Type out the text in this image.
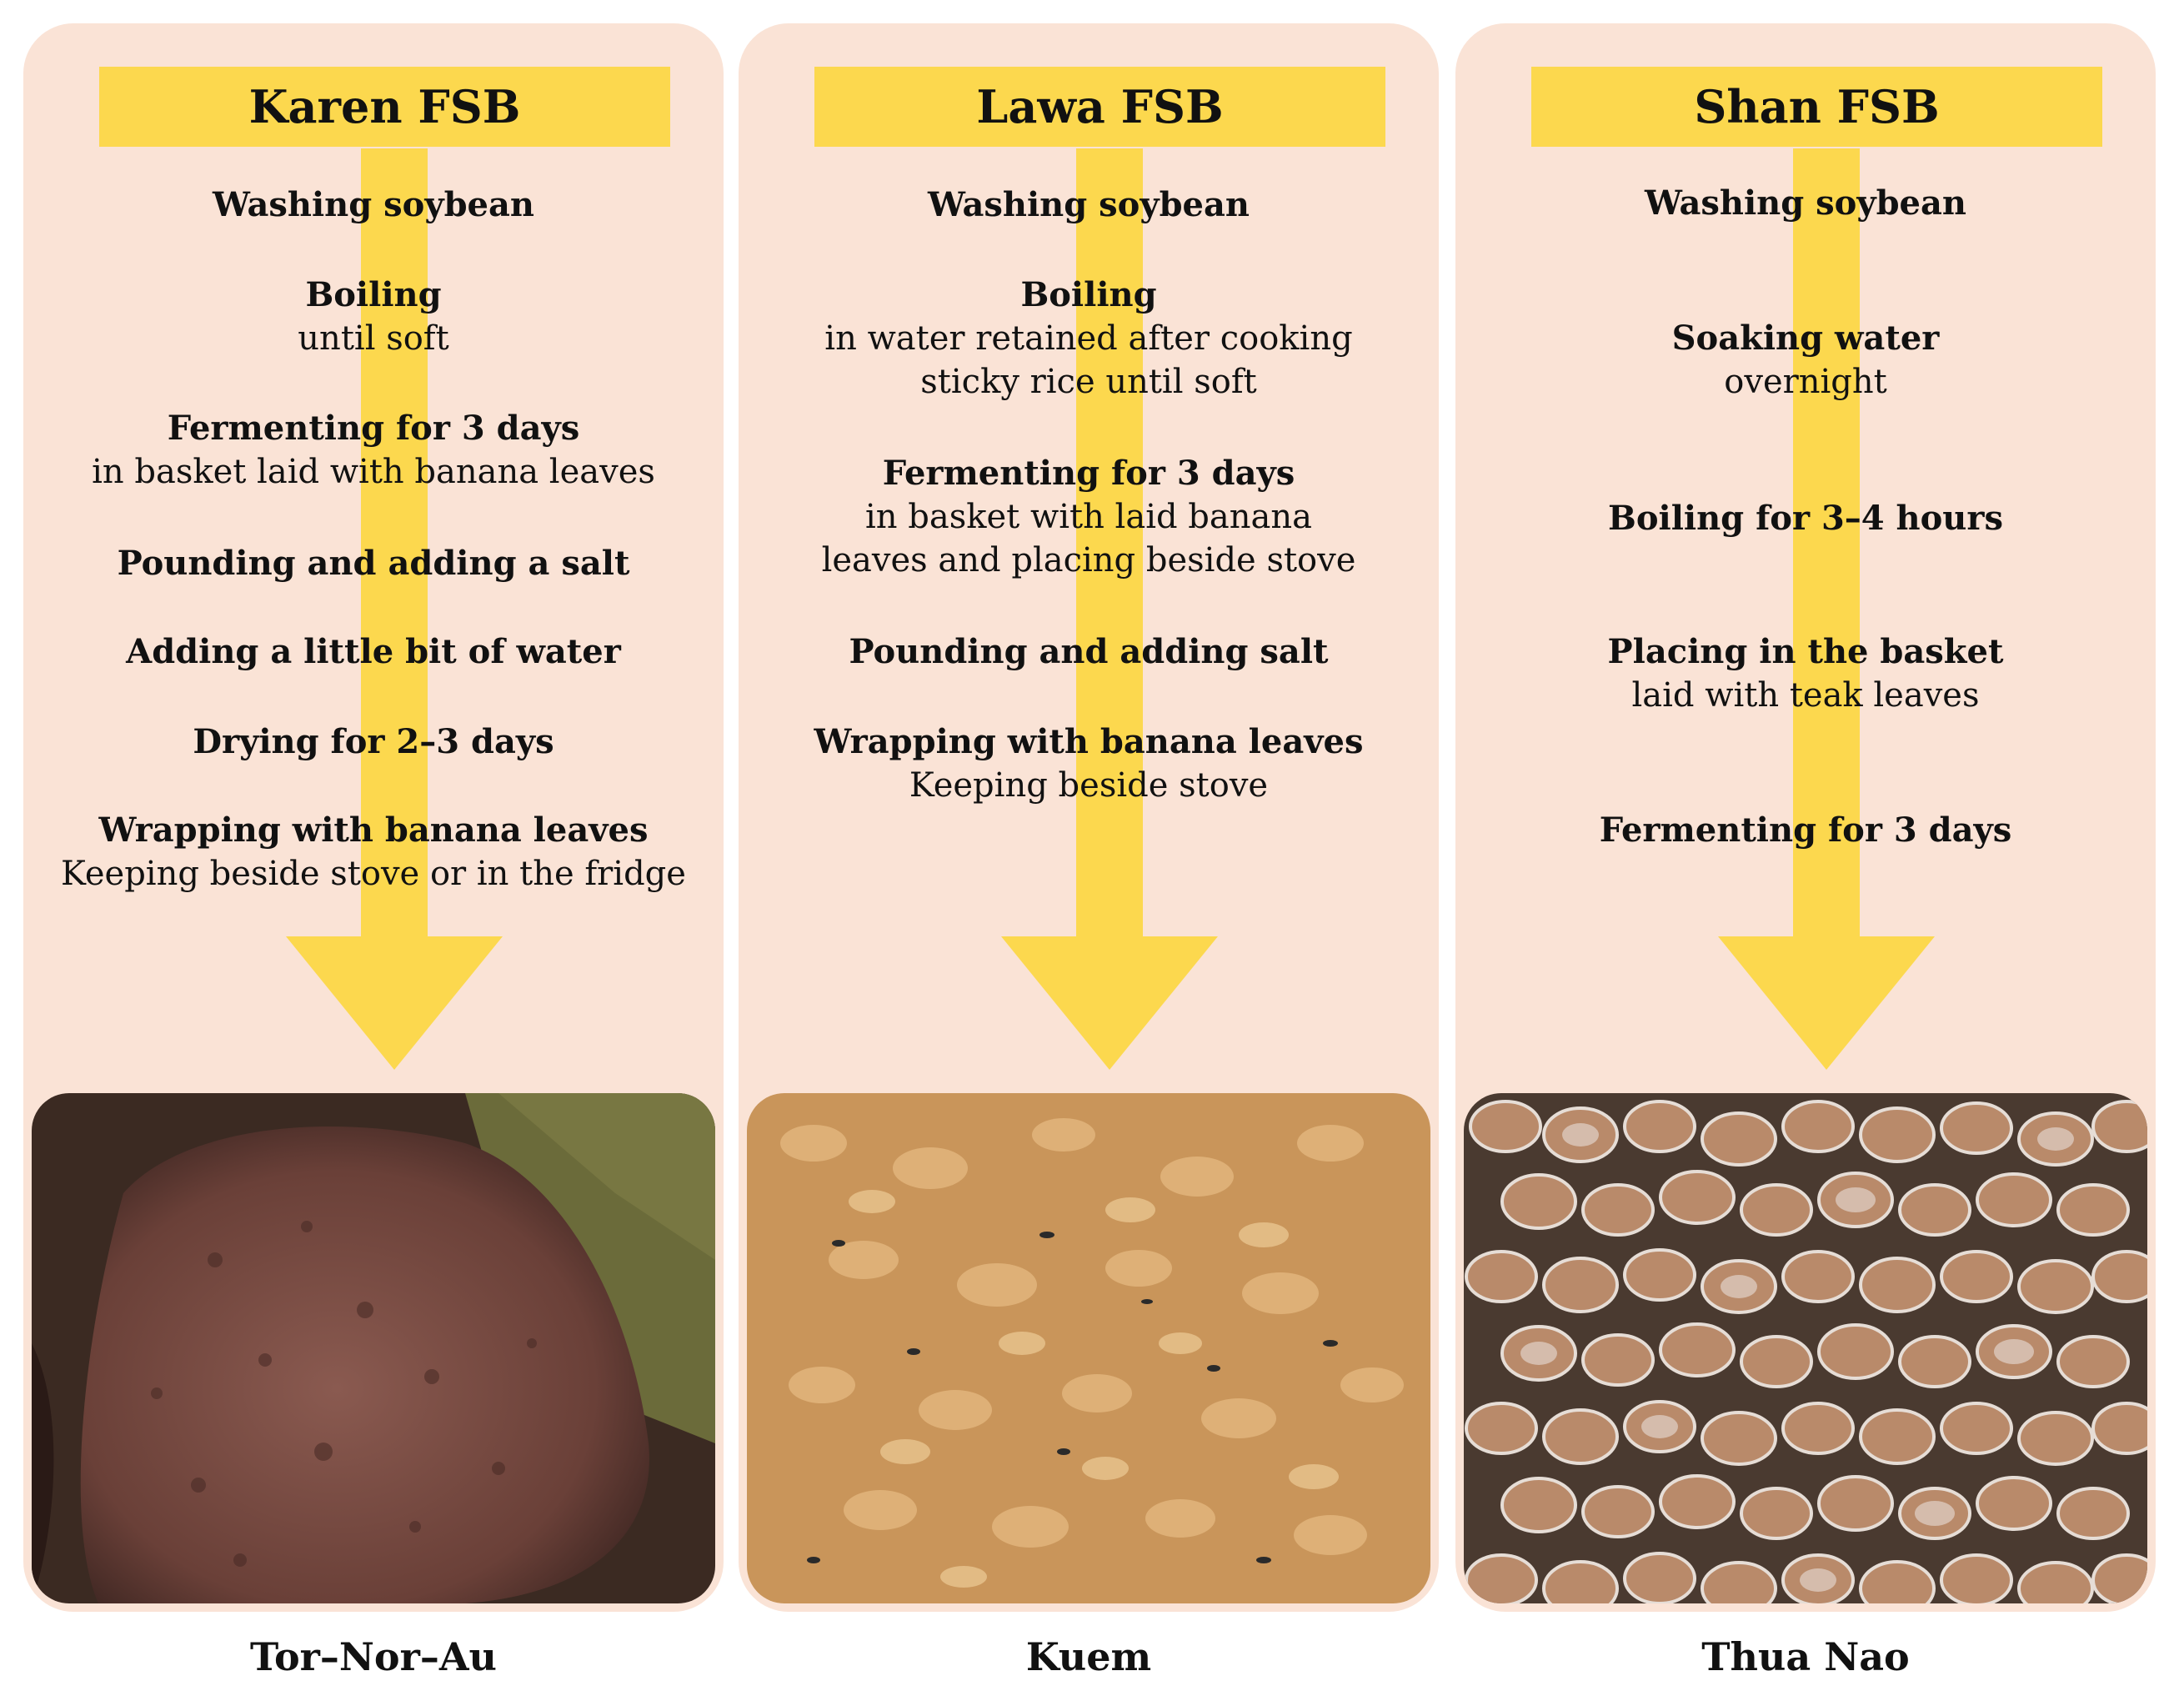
Karen FSB
Washing soybean
Boiling
until soft
Fermenting for 3 days
in basket laid with banana leaves
Pounding and adding a salt
Adding a little bit of water
Drying for 2–3 days
Wrapping with banana leaves
Keeping beside stove or in the fridge
Lawa FSB
Washing soybean
Boiling
in water retained after cooking
sticky rice until soft
Fermenting for 3 days
in basket with laid banana
leaves and placing beside stove
Pounding and adding salt
Wrapping with banana leaves
Keeping beside stove
Shan FSB
Washing soybean
Soaking water
overnight
Boiling for 3–4 hours
Placing in the basket
laid with teak leaves
Fermenting for 3 days
Tor–Nor–Au	Kuem	Thua Nao
